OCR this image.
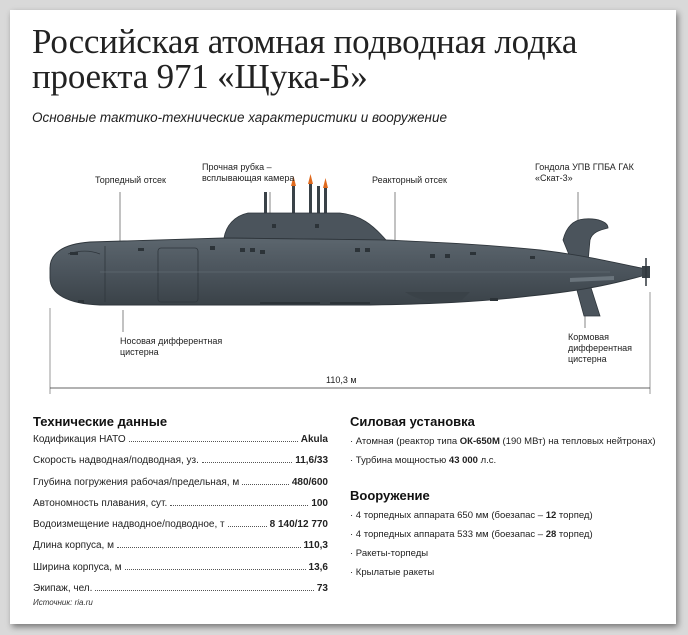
Российская атомная подводная лодка
проекта 971 «Щука-Б»
Основные тактико-технические характеристики и вооружение
Торпедный отсек
Прочная рубка –
всплывающая камера	Реакторный отсек
Гондола УПВ ГПБА ГАК
«Скат-3»
Носовая дифферентная
цистерна
Кормовая
дифферентная
цистерна
110,3 м
Технические данные
Кодификация НАТО	Akula
Скорость надводная/подводная, уз.	11,6/33
Глубина погружения рабочая/предельная, м	480/600
Автономность плавания, сут.	100
Водоизмещение надводное/подводное, т	8 140/12 770
Длина корпуса, м	110,3
Ширина корпуса, м	13,6
Экипаж, чел.	73
Силовая установка
· Атомная (реактор типа ОК-650М (190 МВт) на тепловых нейтронах)
· Турбина мощностью 43 000 л.с.
Вооружение
· 4 торпедных аппарата 650 мм (боезапас – 12 торпед)
· 4 торпедных аппарата 533 мм (боезапас – 28 торпед)
· Ракеты-торпеды
· Крылатые ракеты
Источник: ria.ru
